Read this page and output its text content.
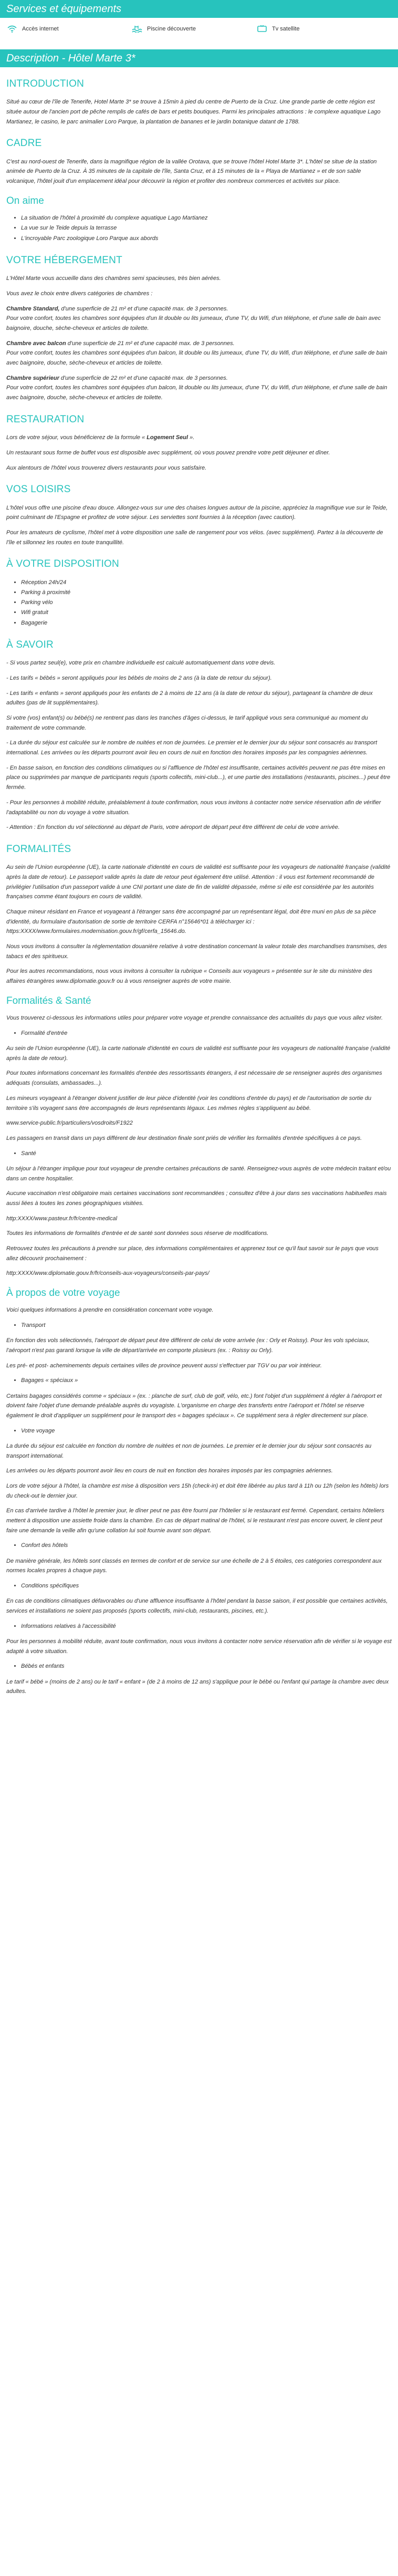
Services et équipements
Accès internet	Piscine découverte	Tv satellite
Description - Hôtel Marte 3*
INTRODUCTION

Situé au cœur de l'île de Tenerife, Hotel Marte 3* se trouve à 15min à pied du centre de Puerto de la Cruz. Une grande partie de cette région est située autour de l'ancien port de pêche remplis de cafés de bars et petits boutiques. Parmi les principales attractions : le complexe aquatique Lago Martianez, le casino, le parc animalier Loro Parque, la plantation de bananes et le jardin botanique datant de 1788.

CADRE

C'est au nord-ouest de Tenerife, dans la magnifique région de la vallée Orotava, que se trouve l'hôtel Hotel Marte 3*. L'hôtel se situe de la station animée de Puerto de la Cruz. À 35 minutes de la capitale de l'île, Santa Cruz, et à 15 minutes de la « Playa de Martianez » et de son sable volcanique, l'hôtel jouit d'un emplacement idéal pour découvrir la région et profiter des nombreux commerces et activités sur place.

On aime
• La situation de l'hôtel à proximité du complexe aquatique Lago Martianez
• La vue sur le Teide depuis la terrasse
• L'incroyable Parc zoologique Loro Parque aux abords
VOTRE HÉBERGEMENT

L'Hôtel Marte vous accueille dans des chambres semi spacieuses, très bien aérées.

Vous avez le choix entre divers catégories de chambres :

Chambre Standard, d'une superficie de 21 m² et d'une capacité max. de 3 personnes.
Pour votre confort, toutes les chambres sont équipées d'un lit double ou lits jumeaux, d'une TV, du Wifi, d'un téléphone, et d'une salle de bain avec baignoire, douche, sèche-cheveux et articles de toilette.

Chambre avec balcon d'une superficie de 21 m² et d'une capacité max. de 3 personnes.
Pour votre confort, toutes les chambres sont équipées d'un balcon, lit double ou lits jumeaux, d'une TV, du Wifi, d'un téléphone, et d'une salle de bain avec baignoire, douche, sèche-cheveux et articles de toilette.

Chambre supérieur d'une superficie de 22 m² et d'une capacité max. de 3 personnes.
Pour votre confort, toutes les chambres sont équipées d'un balcon, lit double ou lits jumeaux, d'une TV, du Wifi, d'un téléphone, et d'une salle de bain avec baignoire, douche, sèche-cheveux et articles de toilette.

RESTAURATION

Lors de votre séjour, vous bénéficierez de la formule « Logement Seul ».

Un restaurant sous forme de buffet vous est disposible avec supplément, où vous pouvez prendre votre petit déjeuner et dîner.

Aux alentours de l'hôtel vous trouverez divers restaurants pour vous satisfaire.

VOS LOISIRS

L'hôtel vous offre une piscine d'eau douce. Allongez-vous sur une des chaises longues autour de la piscine, appréciez la magnifique vue sur le Teide, point culminant de l'Espagne et profitez de votre séjour. Les serviettes sont fournies à la réception (avec caution).

Pour les amateurs de cyclisme, l'hôtel met à votre disposition une salle de rangement pour vos vélos. (avec supplément). Partez à la découverte de l'île et sillonnez les routes en toute tranquillité.

À VOTRE DISPOSITION
• Réception 24h/24
• Parking à proximité
• Parking vélo
• Wifi gratuit
• Bagagerie
À SAVOIR

- Si vous partez seul(e), votre prix en chambre individuelle est calculé automatiquement dans votre devis.

- Les tarifs « bébés » seront appliqués pour les bébés de moins de 2 ans (à la date de retour du séjour).

- Les tarifs « enfants » seront appliqués pour les enfants de 2 à moins de 12 ans (à la date de retour du séjour), partageant la chambre de deux adultes (pas de lit supplémentaires).

Si votre (vos) enfant(s) ou bébé(s) ne rentrent pas dans les tranches d'âges ci-dessus, le tarif appliqué vous sera communiqué au moment du traitement de votre commande.

- La durée du séjour est calculée sur le nombre de nuitées et non de journées. Le premier et le dernier jour du séjour sont consacrés au transport international. Les arrivées ou les départs pourront avoir lieu en cours de nuit en fonction des horaires imposés par les compagnies aériennes.

- En basse saison, en fonction des conditions climatiques ou si l'affluence de l'hôtel est insuffisante, certaines activités peuvent ne pas être mises en place ou supprimées par manque de participants requis (sports collectifs, mini-club...), et une partie des installations (restaurants, piscines...) peut être fermée.

- Pour les personnes à mobilité réduite, préalablement à toute confirmation, nous vous invitons à contacter notre service réservation afin de vérifier l'adaptabilité ou non du voyage à votre situation.

- Attention : En fonction du vol sélectionné au départ de Paris, votre aéroport de départ peut être différent de celui de votre arrivée.

FORMALITÉS

Au sein de l'Union européenne (UE), la carte nationale d'identité en cours de validité est suffisante pour les voyageurs de nationalité française (validité après la date de retour). Le passeport valide après la date de retour peut également être utilisé. Attention : il vous est fortement recommandé de privilégier l'utilisation d'un passeport valide à une CNI portant une date de fin de validité dépassée, même si elle est considérée par les autorités françaises comme étant toujours en cours de validité.

Chaque mineur résidant en France et voyageant à l'étranger sans être accompagné par un représentant légal, doit être muni en plus de sa pièce d'identité, du formulaire d'autorisation de sortie de territoire CERFA n°15646*01 à télécharger ici : https:XXXX/www.formulaires.modernisation.gouv.fr/gf/cerfa_15646.do.

Nous vous invitons à consulter la réglementation douanière relative à votre destination concernant la valeur totale des marchandises transmises, des tabacs et des spiritueux.

Pour les autres recommandations, nous vous invitons à consulter la rubrique « Conseils aux voyageurs » présentée sur le site du ministère des affaires étrangères www.diplomatie.gouv.fr ou à vous renseigner auprès de votre mairie.

Formalités & Santé

Vous trouverez ci-dessous les informations utiles pour préparer votre voyage et prendre connaissance des actualités du pays que vous allez visiter.

• Formalité d'entrée

Au sein de l'Union européenne (UE), la carte nationale d'identité en cours de validité est suffisante pour les voyageurs de nationalité française (validité après la date de retour).

Pour toutes informations concernant les formalités d'entrée des ressortissants étrangers, il est nécessaire de se renseigner auprès des organismes adéquats (consulats, ambassades...).

Les mineurs voyageant à l'étranger doivent justifier de leur pièce d'identité (voir les conditions d'entrée du pays) et de l'autorisation de sortie du territoire s'ils voyagent sans être accompagnés de leurs représentants légaux. Les mêmes règles s'appliquent au bébé.

www.service-public.fr/particuliers/vosdroits/F1922

Les passagers en transit dans un pays différent de leur destination finale sont priés de vérifier les formalités d'entrée spécifiques à ce pays.

• Santé

Un séjour à l'étranger implique pour tout voyageur de prendre certaines précautions de santé. Renseignez-vous auprès de votre médecin traitant et/ou dans un centre hospitalier.

Aucune vaccination n'est obligatoire mais certaines vaccinations sont recommandées ; consultez d'être à jour dans ses vaccinations habituelles mais aussi liées à toutes les zones géographiques visitées.

http:XXXX/www.pasteur.fr/fr/centre-medical

Toutes les informations de formalités d'entrée et de santé sont données sous réserve de modifications.

Retrouvez toutes les précautions à prendre sur place, des informations complémentaires et apprenez tout ce qu'il faut savoir sur le pays que vous allez découvrir prochainement :

http:XXXX/www.diplomatie.gouv.fr/fr/conseils-aux-voyageurs/conseils-par-pays/

À propos de votre voyage

Voici quelques informations à prendre en considération concernant votre voyage.

• Transport

En fonction des vols sélectionnés, l'aéroport de départ peut être différent de celui de votre arrivée (ex : Orly et Roissy). Pour les vols spéciaux, l'aéroport n'est pas garanti lorsque la ville de départ/arrivée en comporte plusieurs (ex. : Roissy ou Orly).

Les pré- et post- acheminements depuis certaines villes de province peuvent aussi s'effectuer par TGV ou par voir intérieur.

• Bagages « spéciaux »

Certains bagages considérés comme « spéciaux » (ex. : planche de surf, club de golf, vélo, etc.) font l'objet d'un supplément à régler à l'aéroport et doivent faire l'objet d'une demande préalable auprès du voyagiste. L'organisme en charge des transferts entre l'aéroport et l'hôtel se réserve également le droit d'appliquer un supplément pour le transport des « bagages spéciaux ». Ce supplément sera à régler directement sur place.

• Votre voyage

La durée du séjour est calculée en fonction du nombre de nuitées et non de journées. Le premier et le dernier jour du séjour sont consacrés au transport international.

Les arrivées ou les départs pourront avoir lieu en cours de nuit en fonction des horaires imposés par les compagnies aériennes.

Lors de votre séjour à l'hôtel, la chambre est mise à disposition vers 15h (check-in) et doit être libérée au plus tard à 11h ou 12h (selon les hôtels) lors du check-out le dernier jour.

En cas d'arrivée tardive à l'hôtel le premier jour, le dîner peut ne pas être fourni par l'hôtelier si le restaurant est fermé. Cependant, certains hôteliers mettent à disposition une assiette froide dans la chambre. En cas de départ matinal de l'hôtel, si le restaurant n'est pas encore ouvert, le client peut faire une demande la veille afin qu'une collation lui soit fournie avant son départ.

• Confort des hôtels

De manière générale, les hôtels sont classés en termes de confort et de service sur une échelle de 2 à 5 étoiles, ces catégories correspondent aux normes locales propres à chaque pays.

• Conditions spécifiques

En cas de conditions climatiques défavorables ou d'une affluence insuffisante à l'hôtel pendant la basse saison, il est possible que certaines activités, services et installations ne soient pas proposés (sports collectifs, mini-club, restaurants, piscines, etc.).

• Informations relatives à l'accessibilité

Pour les personnes à mobilité réduite, avant toute confirmation, nous vous invitons à contacter notre service réservation afin de vérifier si le voyage est adapté à votre situation.

• Bébés et enfants

Le tarif « bébé » (moins de 2 ans) ou le tarif « enfant » (de 2 à moins de 12 ans) s'applique pour le bébé ou l'enfant qui partage la chambre avec deux adultes.
